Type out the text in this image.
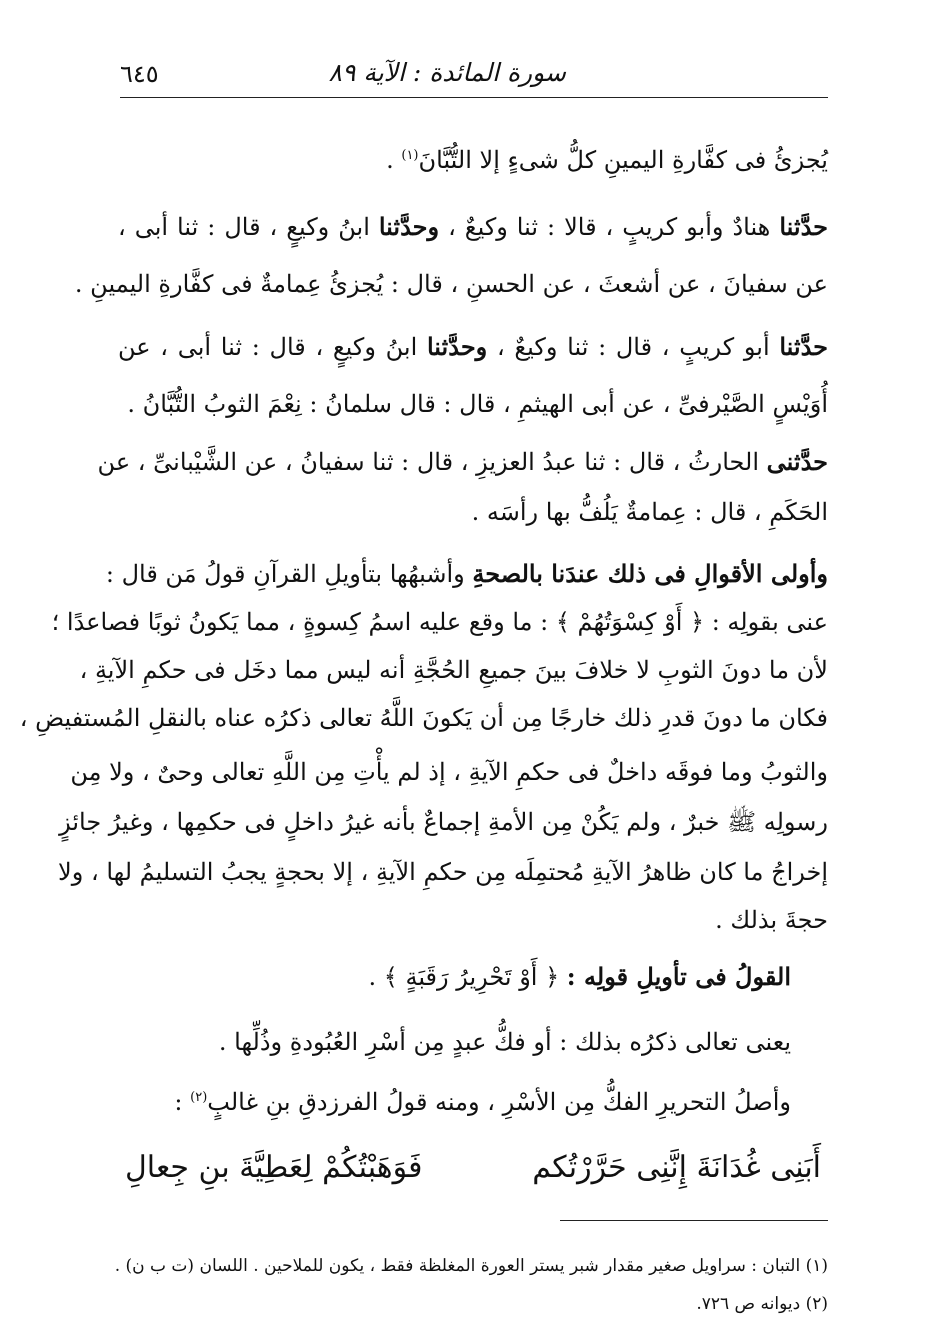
سورة المائدة : الآية ٨٩
٦٤٥
يُجزئُ فى كفَّارةِ اليمينِ كلُّ شىءٍ إلا التُّبَّانَ$^{(١)}$ .
حدَّثنا هنادٌ وأبو كريبٍ ، قالا : ثنا وكيعٌ ، وحدَّثنا ابنُ وكيعٍ ، قال : ثنا أبى ،
عن سفيانَ ، عن أشعثَ ، عن الحسنِ ، قال : يُجزئُ عِمامةٌ فى كفَّارةِ اليمينِ .
حدَّثنا أبو كريبٍ ، قال : ثنا وكيعٌ ، وحدَّثنا ابنُ وكيعٍ ، قال : ثنا أبى ، عن
أُوَيْسٍ الصَّيْرفىِّ ، عن أبى الهيثمِ ، قال : قال سلمانُ : نِعْمَ الثوبُ التُّبَّانُ .
حدَّثنى الحارثُ ، قال : ثنا عبدُ العزيزِ ، قال : ثنا سفيانُ ، عن الشَّيْبانىِّ ، عن
الحَكَمِ ، قال : عِمامةٌ يَلُفُّ بها رأسَه .
وأولى الأقوالِ فى ذلك عندَنا بالصحةِ وأشبهُها بتأويلِ القرآنِ قولُ مَن قال :
عنى بقولِه : ﴿ أَوْ كِسْوَتُهُمْ ﴾ : ما وقع عليه اسمُ كِسوةٍ ، مما يَكونُ ثوبًا فصاعدًا ؛
لأن ما دونَ الثوبِ لا خلافَ بينَ جميعِ الحُجَّةِ أنه ليس مما دخَل فى حكمِ الآيةِ ،
فكان ما دونَ قدرِ ذلك خارجًا مِن أن يَكونَ اللَّهُ تعالى ذكرُه عناه بالنقلِ المُستفيضِ ،
والثوبُ وما فوقَه داخلٌ فى حكمِ الآيةِ ، إذ لم يأْتِ مِن اللَّهِ تعالى وحىٌ ، ولا مِن
رسولِه ﷺ خبرٌ ، ولم يَكُنْ مِن الأمةِ إجماعٌ بأنه غيرُ داخلٍ فى حكمِها ، وغيرُ جائزٍ
إخراجُ ما كان ظاهرُ الآيةِ مُحتمِلَه مِن حكمِ الآيةِ ، إلا بحجةٍ يجبُ التسليمُ لها ، ولا
حجةَ بذلك .
القولُ فى تأويلِ قولِه : ﴿ أَوْ تَحْرِيرُ رَقَبَةٍ ﴾ .
يعنى تعالى ذكرُه بذلك : أو فكُّ عبدٍ مِن أسْرِ العُبُودةِ وذُلِّها .
وأصلُ التحريرِ الفكُّ مِن الأسْرِ ، ومنه قولُ الفرزدقِ بنِ غالبٍ$^{(٢)}$ :
أَبَنِى غُدَانَةَ إِنَّنِى حَرَّرْتُكم
فَوَهَبْتُكُمْ لِعَطِيَّةَ بنِ جِعالِ
(١) التبان : سراويل صغير مقدار شبر يستر العورة المغلظة فقط ، يكون للملاحين . اللسان (ت ب ن) .
(٢) ديوانه ص ٧٢٦.
